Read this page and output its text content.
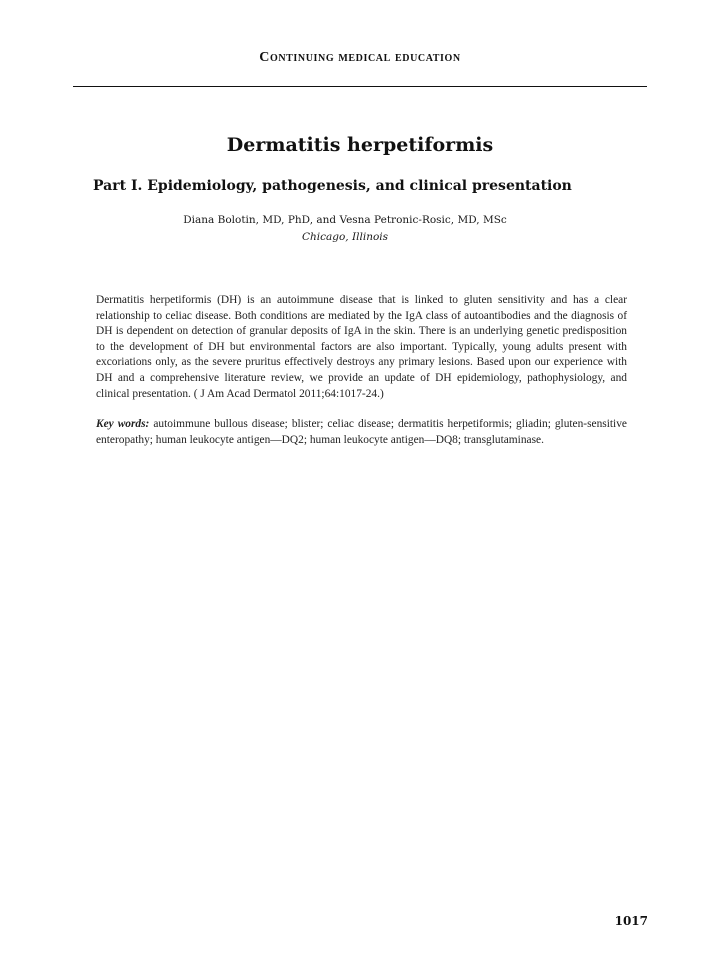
Continuing medical education
Dermatitis herpetiformis
Part I. Epidemiology, pathogenesis, and clinical presentation
Diana Bolotin, MD, PhD, and Vesna Petronic-Rosic, MD, MSc
Chicago, Illinois

Dermatitis herpetiformis (DH) is an autoimmune disease that is linked to gluten sensitivity and has a clear relationship to celiac disease. Both conditions are mediated by the IgA class of autoantibodies and the diagnosis of DH is dependent on detection of granular deposits of IgA in the skin. There is an underlying genetic predisposition to the development of DH but environmental factors are also important. Typically, young adults present with excoriations only, as the severe pruritus effectively destroys any primary lesions. Based upon our experience with DH and a comprehensive literature review, we provide an update of DH epidemiology, pathophysiology, and clinical presentation. ( J Am Acad Dermatol 2011;64:1017-24.)

Key words: autoimmune bullous disease; blister; celiac disease; dermatitis herpetiformis; gliadin; gluten-sensitive enteropathy; human leukocyte antigen—DQ2; human leukocyte antigen—DQ8; transglutaminase.

1017
